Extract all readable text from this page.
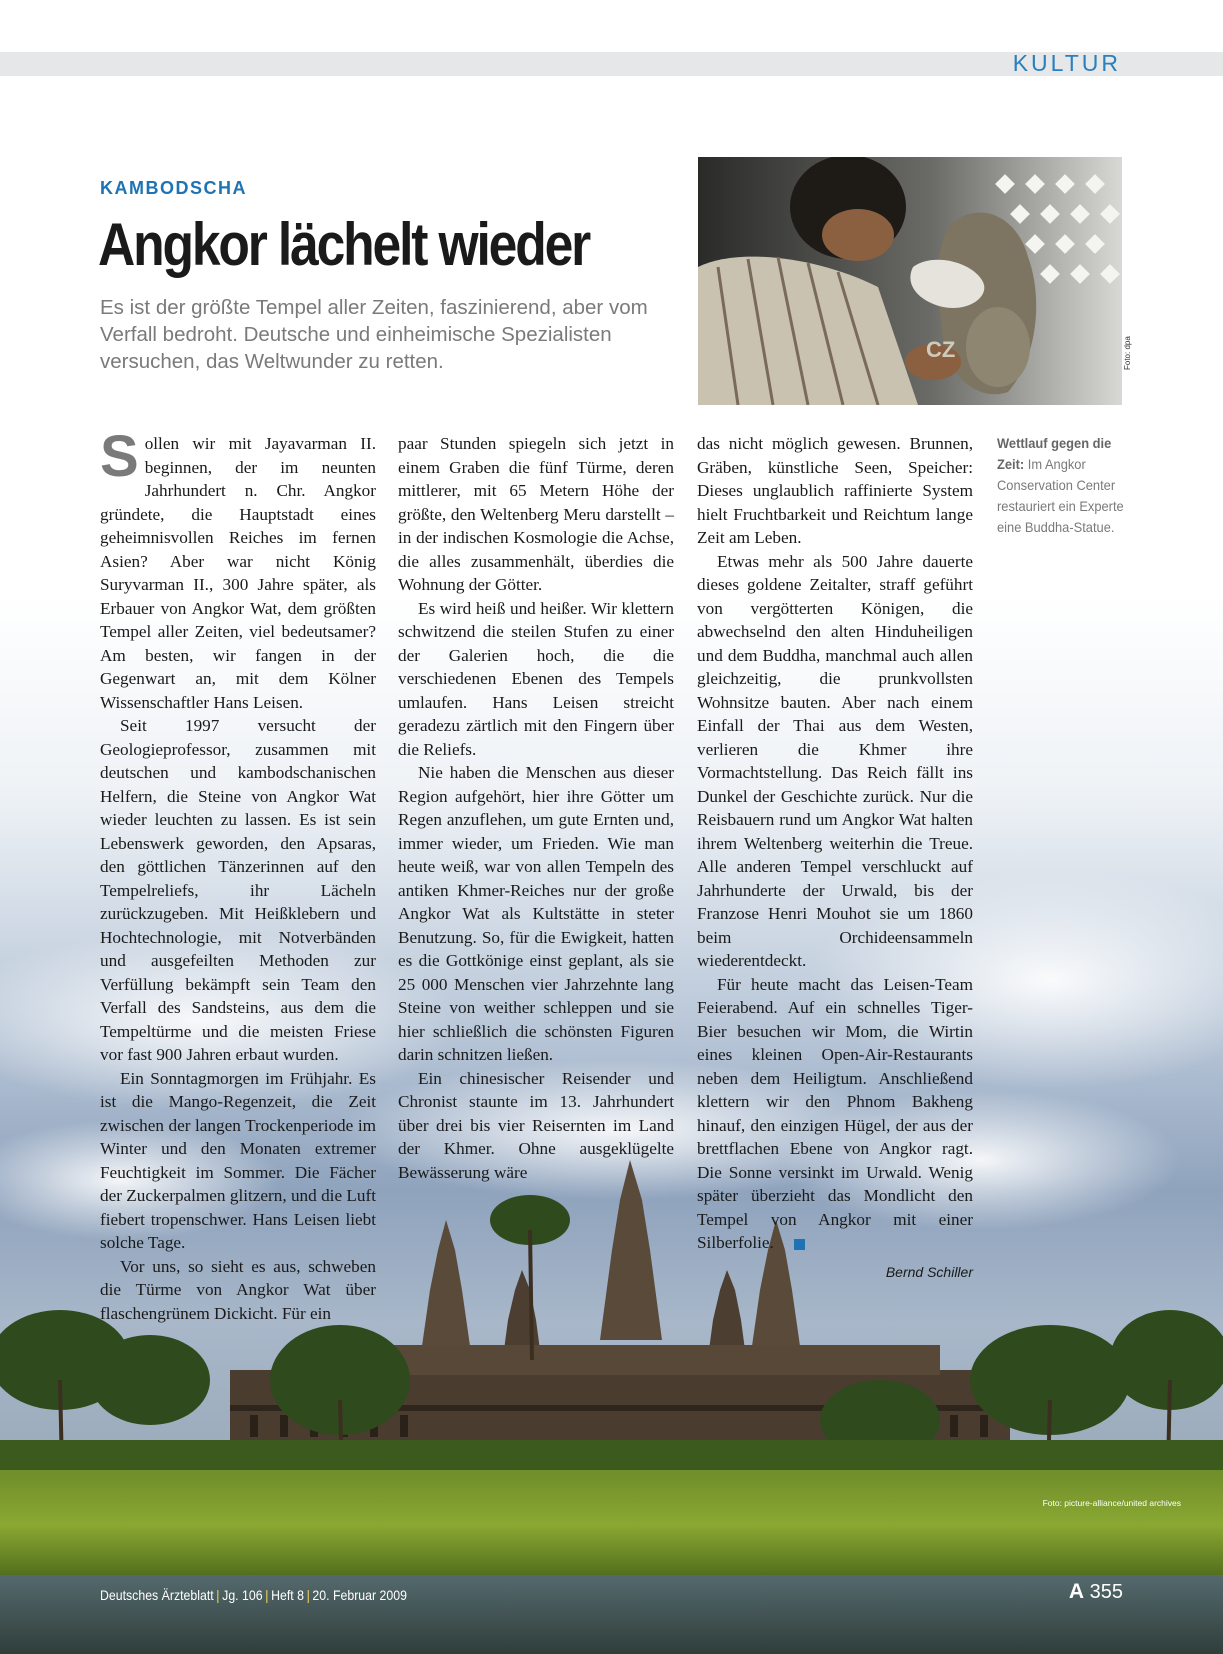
KULTUR
KAMBODSCHA
Angkor lächelt wieder
Es ist der größte Tempel aller Zeiten, faszinierend, aber vom Verfall bedroht. Deutsche und einheimische Spezialisten versuchen, das Weltwunder zu retten.	CZ	Foto: dpa

Sollen wir mit Jayavarman II. beginnen, der im neunten Jahrhundert n. Chr. Angkor gründete, die Hauptstadt eines geheimnisvollen Reiches im fernen Asien? Aber war nicht König Suryvarman II., 300 Jahre später, als Erbauer von Angkor Wat, dem größten Tempel aller Zeiten, viel bedeutsamer? Am besten, wir fangen in der Gegenwart an, mit dem Kölner Wissenschaftler Hans Leisen.

Seit 1997 versucht der Geologieprofessor, zusammen mit deutschen und kambodschanischen Helfern, die Steine von Angkor Wat wieder leuchten zu lassen. Es ist sein Lebenswerk geworden, den Apsaras, den göttlichen Tänzerinnen auf den Tempelreliefs, ihr Lächeln zurückzugeben. Mit Heißklebern und Hochtechnologie, mit Notverbänden und ausgefeilten Methoden zur Verfüllung bekämpft sein Team den Verfall des Sandsteins, aus dem die Tempeltürme und die meisten Friese vor fast 900 Jahren erbaut wurden.

Ein Sonntagmorgen im Frühjahr. Es ist die Mango-Regenzeit, die Zeit zwischen der langen Trockenperiode im Winter und den Monaten extremer Feuchtigkeit im Sommer. Die Fächer der Zuckerpalmen glitzern, und die Luft fiebert tropenschwer. Hans Leisen liebt solche Tage.

Vor uns, so sieht es aus, schweben die Türme von Angkor Wat über flaschengrünem Dickicht. Für ein

paar Stunden spiegeln sich jetzt in einem Graben die fünf Türme, deren mittlerer, mit 65 Metern Höhe der größte, den Weltenberg Meru darstellt – in der indischen Kosmologie die Achse, die alles zusammenhält, überdies die Wohnung der Götter.

Es wird heiß und heißer. Wir klettern schwitzend die steilen Stufen zu einer der Galerien hoch, die die verschiedenen Ebenen des Tempels umlaufen. Hans Leisen streicht geradezu zärtlich mit den Fingern über die Reliefs.

Nie haben die Menschen aus dieser Region aufgehört, hier ihre Götter um Regen anzuflehen, um gute Ernten und, immer wieder, um Frieden. Wie man heute weiß, war von allen Tempeln des antiken Khmer-Reiches nur der große Angkor Wat als Kultstätte in steter Benutzung. So, für die Ewigkeit, hatten es die Gottkönige einst geplant, als sie 25 000 Menschen vier Jahrzehnte lang Steine von weither schleppen und sie hier schließlich die schönsten Figuren darin schnitzen ließen.

Ein chinesischer Reisender und Chronist staunte im 13. Jahrhundert über drei bis vier Reisernten im Land der Khmer. Ohne ausgeklügelte Bewässerung wäre

das nicht möglich gewesen. Brunnen, Gräben, künstliche Seen, Speicher: Dieses unglaublich raffinierte System hielt Fruchtbarkeit und Reichtum lange Zeit am Leben.

Etwas mehr als 500 Jahre dauerte dieses goldene Zeitalter, straff geführt von vergötterten Königen, die abwechselnd den alten Hinduheiligen und dem Buddha, manchmal auch allen gleichzeitig, die prunkvollsten Wohnsitze bauten. Aber nach einem Einfall der Thai aus dem Westen, verlieren die Khmer ihre Vormachtstellung. Das Reich fällt ins Dunkel der Geschichte zurück. Nur die Reisbauern rund um Angkor Wat halten ihrem Weltenberg weiterhin die Treue. Alle anderen Tempel verschluckt auf Jahrhunderte der Urwald, bis der Franzose Henri Mouhot sie um 1860 beim Orchideensammeln wiederentdeckt.

Für heute macht das Leisen-Team Feierabend. Auf ein schnelles Tiger-Bier besuchen wir Mom, die Wirtin eines kleinen Open-Air-Restaurants neben dem Heiligtum. Anschließend klettern wir den Phnom Bakheng hinauf, den einzigen Hügel, der aus der brettflachen Ebene von Angkor ragt. Die Sonne versinkt im Urwald. Wenig später überzieht das Mondlicht den Tempel von Angkor mit einer Silberfolie.

Bernd Schiller
Wettlauf gegen die Zeit: Im Angkor Conservation Center restauriert ein Experte eine Buddha-Statue.
Foto: picture-alliance/united archives
Deutsches Ärzteblatt | Jg. 106 | Heft 8 | 20. Februar 2009	A 355
